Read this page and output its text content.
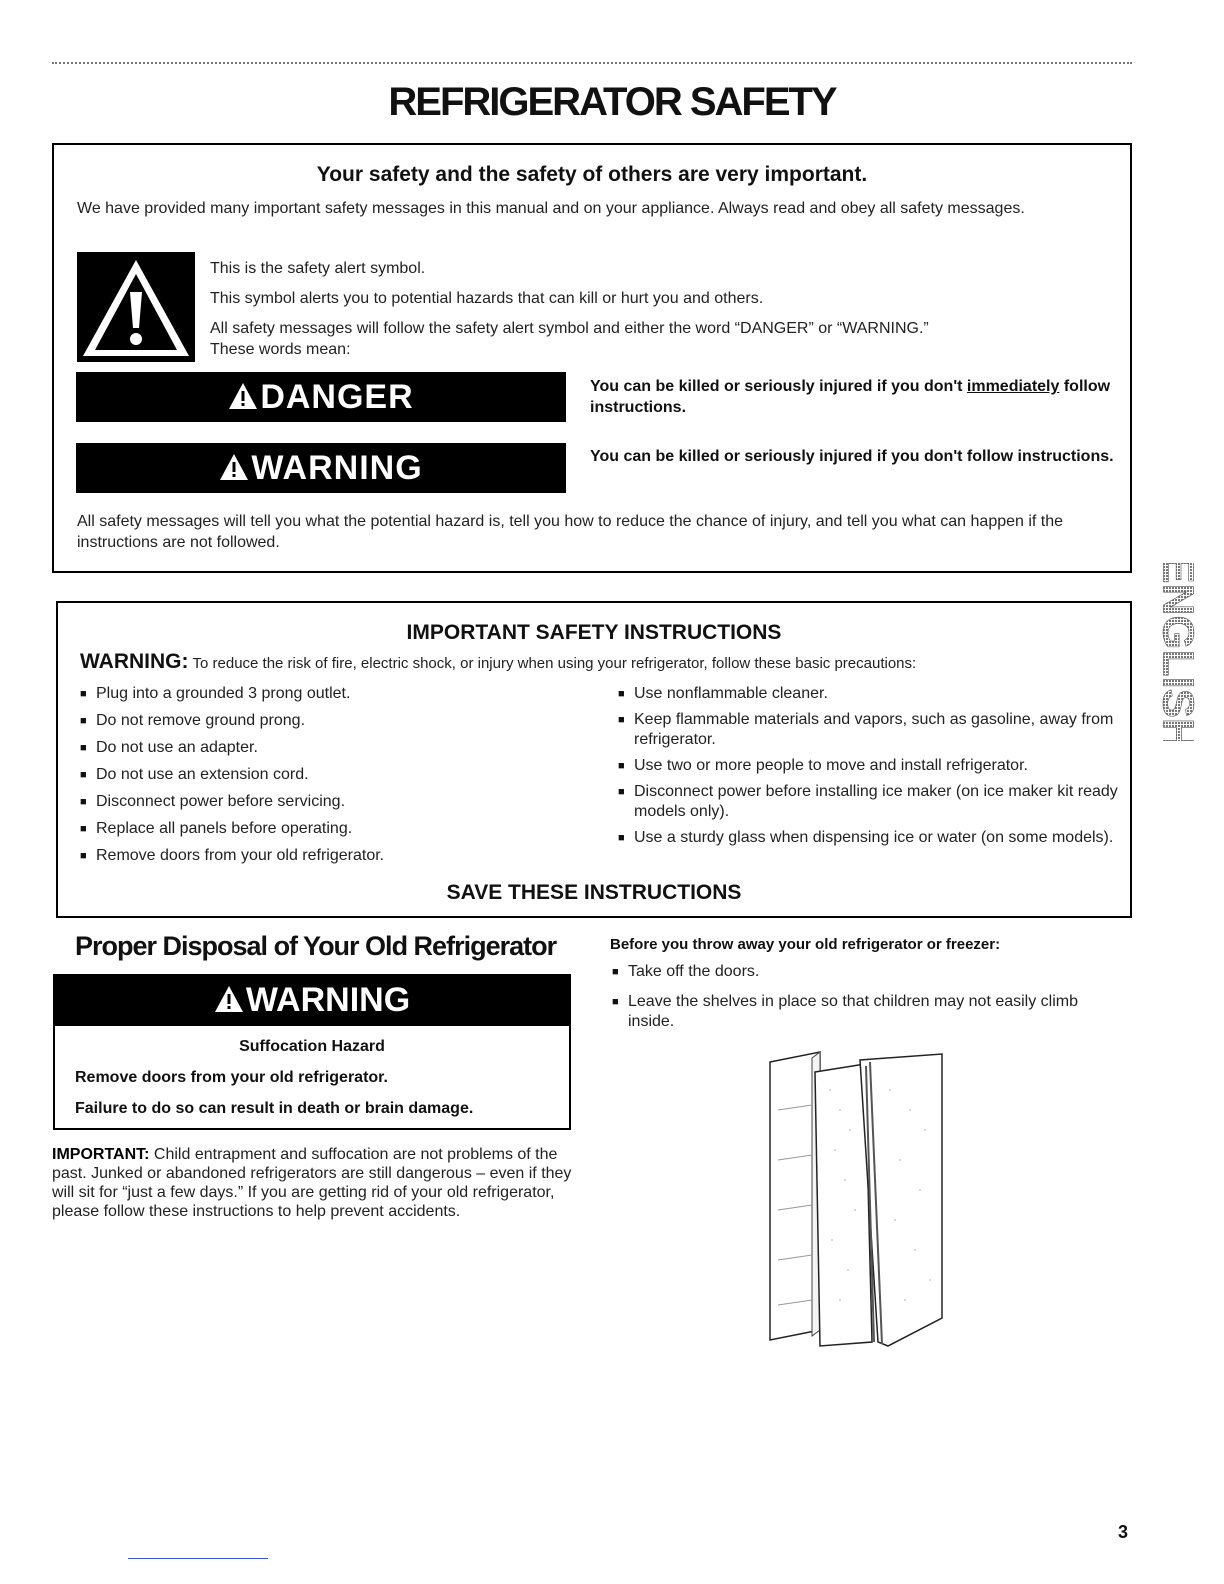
REFRIGERATOR SAFETY
Your safety and the safety of others are very important.
We have provided many important safety messages in this manual and on your appliance. Always read and obey all safety messages.
This is the safety alert symbol.
This symbol alerts you to potential hazards that can kill or hurt you and others.
All safety messages will follow the safety alert symbol and either the word “DANGER” or “WARNING.”
These words mean:
DANGER	You can be killed or seriously injured if you don't immediately follow instructions.
WARNING	You can be killed or seriously injured if you don't follow instructions.
All safety messages will tell you what the potential hazard is, tell you how to reduce the chance of injury, and tell you what can happen if the instructions are not followed.
IMPORTANT SAFETY INSTRUCTIONS
WARNING: To reduce the risk of fire, electric shock, or injury when using your refrigerator, follow these basic precautions:
■ Plug into a grounded 3 prong outlet.
■ Do not remove ground prong.
■ Do not use an adapter.
■ Do not use an extension cord.
■ Disconnect power before servicing.
■ Replace all panels before operating.
■ Remove doors from your old refrigerator.
■ Use nonflammable cleaner.
■ Keep flammable materials and vapors, such as gasoline, away from refrigerator.
■ Use two or more people to move and install refrigerator.
■ Disconnect power before installing ice maker (on ice maker kit ready models only).
■ Use a sturdy glass when dispensing ice or water (on some models).
SAVE THESE INSTRUCTIONS
Proper Disposal of Your Old Refrigerator
WARNING
Suffocation Hazard
Remove doors from your old refrigerator.
Failure to do so can result in death or brain damage.
IMPORTANT: Child entrapment and suffocation are not problems of the past. Junked or abandoned refrigerators are still dangerous – even if they will sit for “just a few days.” If you are getting rid of your old refrigerator, please follow these instructions to help prevent accidents.
Before you throw away your old refrigerator or freezer:
■ Take off the doors.
■ Leave the shelves in place so that children may not easily climb inside.
ENGLISH
3
